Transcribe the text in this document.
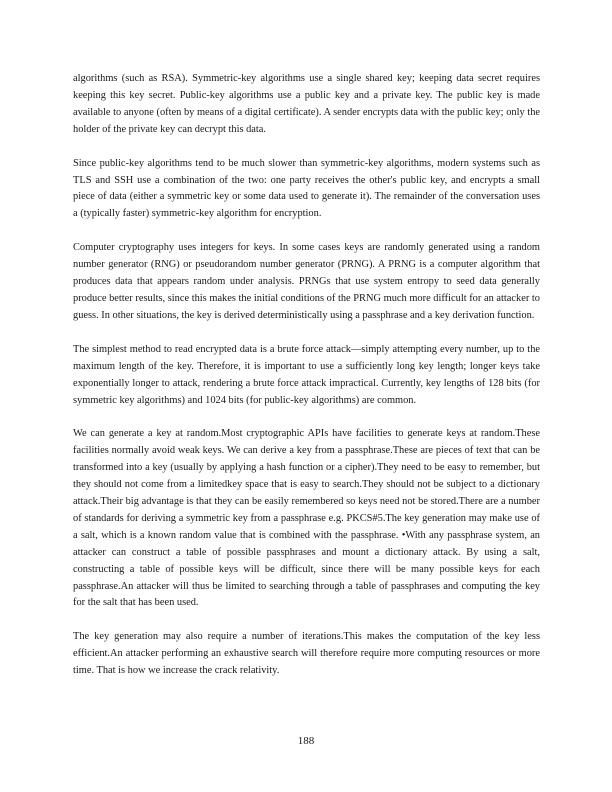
algorithms (such as RSA). Symmetric-key algorithms use a single shared key; keeping data secret requires keeping this key secret. Public-key algorithms use a public key and a private key. The public key is made available to anyone (often by means of a digital certificate). A sender encrypts data with the public key; only the holder of the private key can decrypt this data.

Since public-key algorithms tend to be much slower than symmetric-key algorithms, modern systems such as TLS and SSH use a combination of the two: one party receives the other's public key, and encrypts a small piece of data (either a symmetric key or some data used to generate it). The remainder of the conversation uses a (typically faster) symmetric-key algorithm for encryption.

Computer cryptography uses integers for keys. In some cases keys are randomly generated using a random number generator (RNG) or pseudorandom number generator (PRNG). A PRNG is a computer algorithm that produces data that appears random under analysis. PRNGs that use system entropy to seed data generally produce better results, since this makes the initial conditions of the PRNG much more difficult for an attacker to guess. In other situations, the key is derived deterministically using a passphrase and a key derivation function.

The simplest method to read encrypted data is a brute force attack—simply attempting every number, up to the maximum length of the key. Therefore, it is important to use a sufficiently long key length; longer keys take exponentially longer to attack, rendering a brute force attack impractical. Currently, key lengths of 128 bits (for symmetric key algorithms) and 1024 bits (for public-key algorithms) are common.

We can generate a key at random.Most cryptographic APIs have facilities to generate keys at random.These facilities normally avoid weak keys. We can derive a key from a passphrase.These are pieces of text that can be transformed into a key (usually by applying a hash function or a cipher).They need to be easy to remember, but they should not come from a limitedkey space that is easy to search.They should not be subject to a dictionary attack.Their big advantage is that they can be easily remembered so keys need not be stored.There are a number of standards for deriving a symmetric key from a passphrase e.g. PKCS#5.The key generation may make use of a salt, which is a known random value that is combined with the passphrase. •With any passphrase system, an attacker can construct a table of possible passphrases and mount a dictionary attack. By using a salt, constructing a table of possible keys will be difficult, since there will be many possible keys for each passphrase.An attacker will thus be limited to searching through a table of passphrases and computing the key for the salt that has been used.

The key generation may also require a number of iterations.This makes the computation of the key less efficient.An attacker performing an exhaustive search will therefore require more computing resources or more time. That is how we increase the crack relativity.

188
